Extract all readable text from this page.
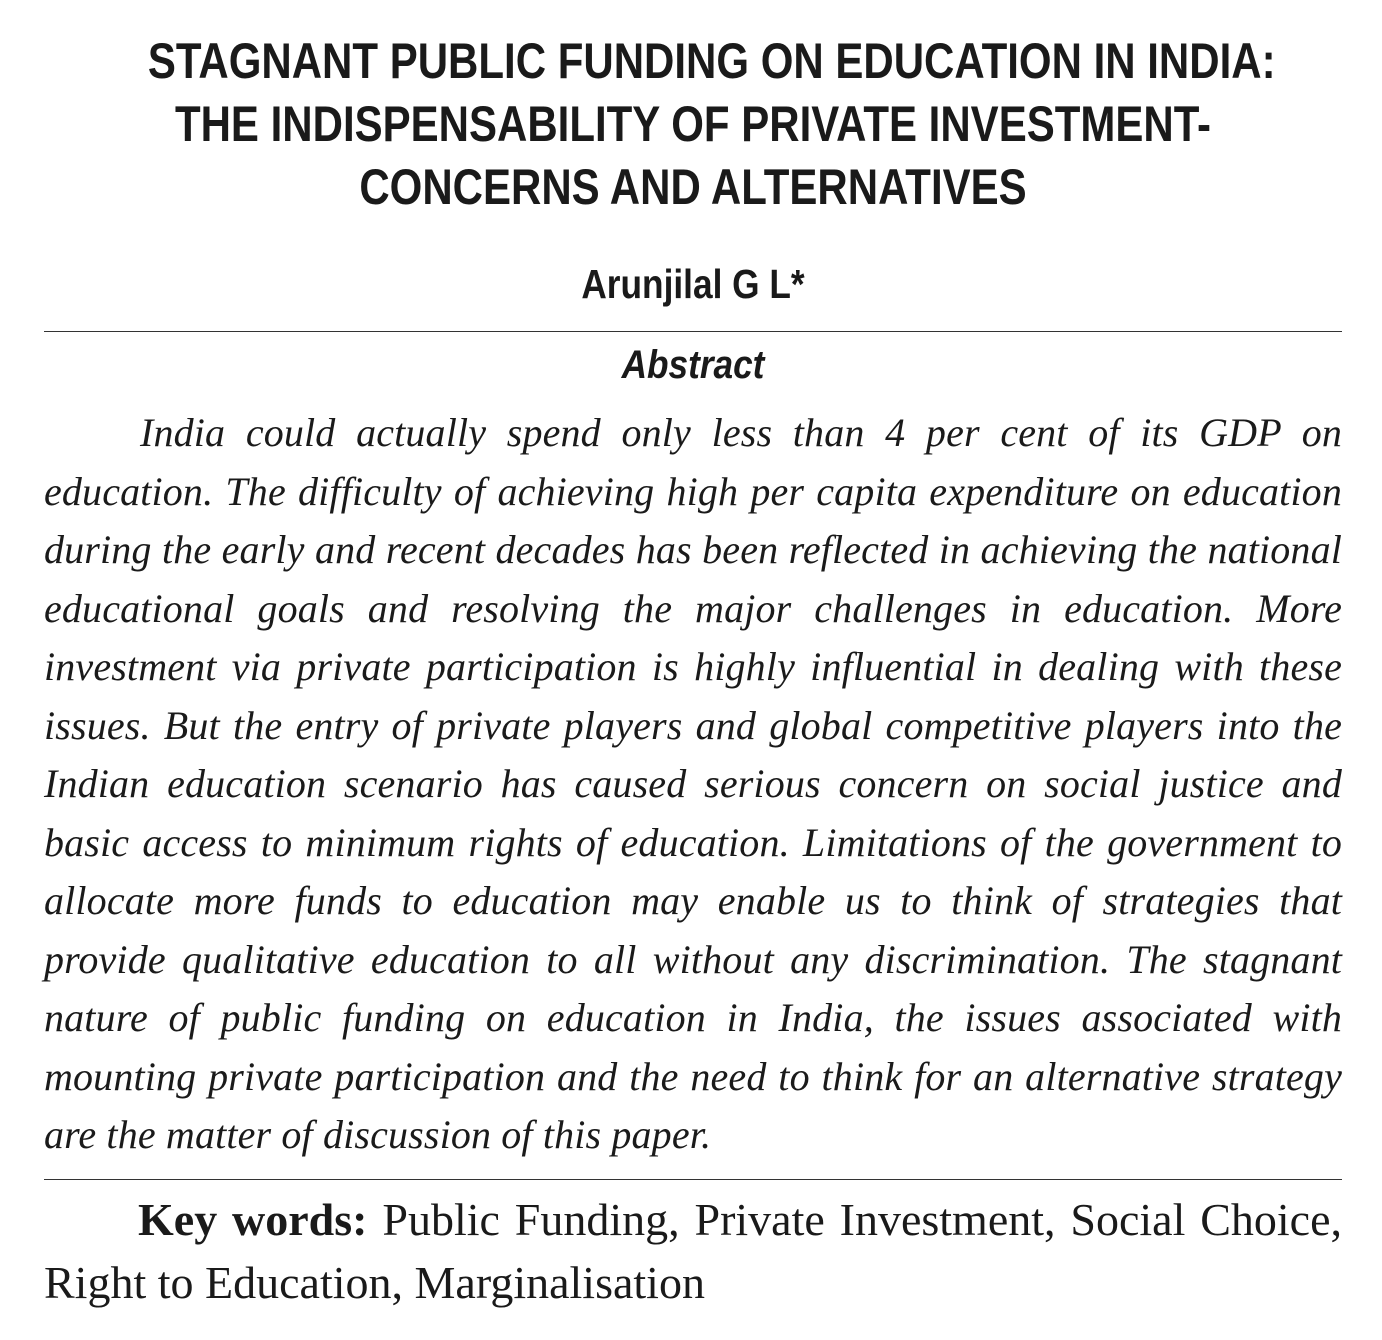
STAGNANT PUBLIC FUNDING ON EDUCATION IN INDIA:
THE INDISPENSABILITY OF PRIVATE INVESTMENT-
CONCERNS AND ALTERNATIVES
Arunjilal G L*
Abstract

India could actually spend only less than 4 per cent of its GDP on education. The difficulty of achieving high per capita expenditure on education during the early and recent decades has been reflected in achieving the national educational goals and resolving the major challenges in education. More investment via private participation is highly influential in dealing with these issues. But the entry of private players and global competitive players into the Indian education scenario has caused serious concern on social justice and basic access to minimum rights of education. Limitations of the government to allocate more funds to education may enable us to think of strategies that provide qualitative education to all without any discrimination. The stagnant nature of public funding on education in India, the issues associated with mounting private participation and the need to think for an alternative strategy are the matter of discussion of this paper.

Key words: Public Funding, Private Investment, Social Choice, Right to Education, Marginalisation
